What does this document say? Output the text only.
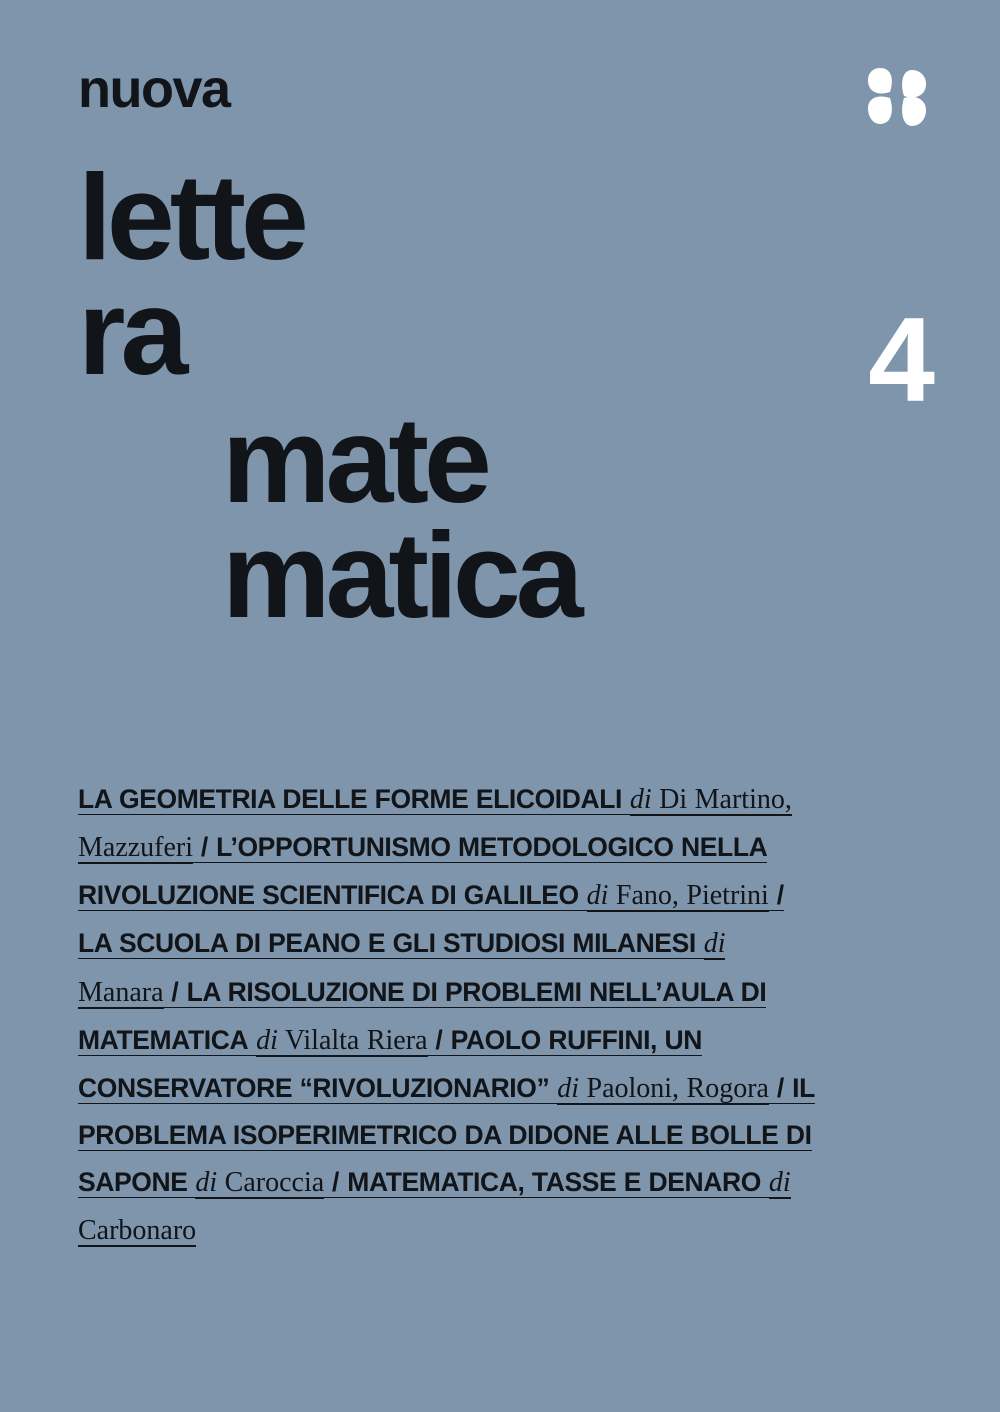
nuova
4
lette
ra
mate
matica
LA GEOMETRIA DELLE FORME ELICOIDALI di Di Martino, Mazzuferi / L’OPPORTUNISMO METODOLOGICO NELLA RIVOLUZIONE SCIENTIFICA DI GALILEO di Fano, Pietrini / LA SCUOLA DI PEANO E GLI STUDIOSI MILANESI di Manara / LA RISOLUZIONE DI PROBLEMI NELL’AULA DI MATEMATICA di Vilalta Riera / PAOLO RUFFINI, UN CONSERVATORE “RIVOLUZIONARIO” di Paoloni, Rogora / IL PROBLEMA ISOPERIMETRICO DA DIDONE ALLE BOLLE DI SAPONE di Caroccia / MATEMATICA, TASSE E DENARO di Carbonaro
